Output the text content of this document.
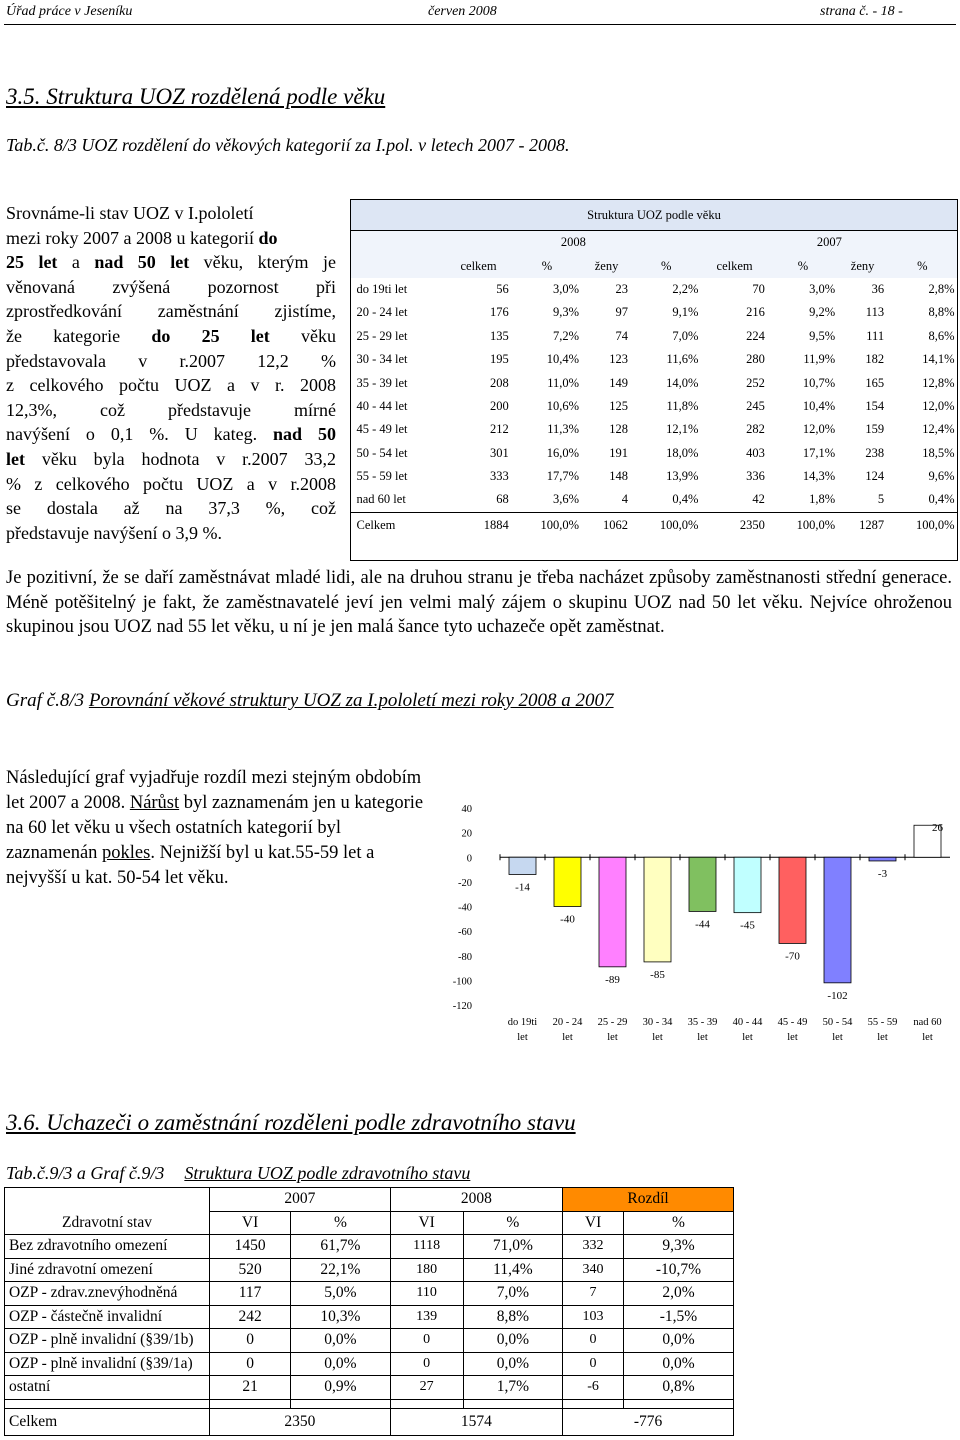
Úřad práce v Jeseníku	červen 2008	strana č. - 18 -
3.5. Struktura UOZ rozdělená podle věku
Tab.č. 8/3 UOZ rozdělení do věkových kategorií za I.pol. v letech 2007 - 2008.
Srovnáme-li stav UOZ v I.pololetí
mezi roky 2007 a 2008 u kategorií do
25 let a nad 50 let věku, kterým je
věnovaná zvýšená pozornost při
zprostředkování zaměstnání zjistíme,
že kategorie do 25 let věku
představovala v r.2007 12,2 %
z celkového počtu UOZ a v r. 2008
12,3%, což představuje mírné
navýšení o 0,1 %. U kateg. nad 50
let věku byla hodnota v r.2007 33,2
% z celkového počtu UOZ a v r.2008
se dostala až na 37,3 %, což
představuje navýšení o 3,9 %.
Struktura UOZ podle věku								
	2008				2007			
	celkem	%	ženy	%	celkem	%	ženy	%
do 19ti let	56	3,0%	23	2,2%	70	3,0%	36	2,8%
20 - 24 let	176	9,3%	97	9,1%	216	9,2%	113	8,8%
25 - 29 let	135	7,2%	74	7,0%	224	9,5%	111	8,6%
30 - 34 let	195	10,4%	123	11,6%	280	11,9%	182	14,1%
35 - 39 let	208	11,0%	149	14,0%	252	10,7%	165	12,8%
40 - 44 let	200	10,6%	125	11,8%	245	10,4%	154	12,0%
45 - 49 let	212	11,3%	128	12,1%	282	12,0%	159	12,4%
50 - 54 let	301	16,0%	191	18,0%	403	17,1%	238	18,5%
55 - 59 let	333	17,7%	148	13,9%	336	14,3%	124	9,6%
nad 60 let	68	3,6%	4	0,4%	42	1,8%	5	0,4%
Celkem	1884	100,0%	1062	100,0%	2350	100,0%	1287	100,0%
Je pozitivní, že se daří zaměstnávat mladé lidi, ale na druhou stranu je třeba nacházet způsoby zaměstnanosti střední generace. Méně potěšitelný je fakt, že zaměstnavatelé jeví jen velmi malý zájem o skupinu UOZ nad 50 let věku. Nejvíce ohroženou skupinou jsou UOZ nad 55 let věku, u ní je jen malá šance tyto uchazeče opět zaměstnat.
Graf č.8/3 Porovnání věkové struktury UOZ za I.pololetí mezi roky 2008 a 2007
Následující graf vyjadřuje rozdíl mezi stejným obdobím let 2007 a 2008. Nárůst byl zaznamenám jen u kategorie na 60 let věku u všech ostatních kategorií byl zaznamenán pokles. Nejnižší byl u kat.55-59 let a nejvyšší u kat. 50-54 let věku.
40
20
0
-20
-40
-60
-80
-100
-120
-14
do 19ti let
-40
20 - 24 let
-89
25 - 29 let
-85
30 - 34 let
-44
35 - 39 let
-45
40 - 44 let
-70
45 - 49 let
-102
50 - 54 let
-3
55 - 59 let
26
nad 60 let
3.6. Uchazeči o zaměstnání rozděleni podle zdravotního stavu
Tab.č.9/3 a Graf č.9/3 Struktura UOZ podle zdravotního stavu
	2007		2008		Rozdíl	
Zdravotní stav	VI	%	VI	%	VI	%
Bez zdravotního omezení	1450	61,7%	1118	71,0%	332	9,3%
Jiné zdravotní omezení	520	22,1%	180	11,4%	340	-10,7%
OZP - zdrav.znevýhodněná	117	5,0%	110	7,0%	7	2,0%
OZP - částečně invalidní	242	10,3%	139	8,8%	103	-1,5%
OZP - plně invalidní (§39/1b)	0	0,0%	0	0,0%	0	0,0%
OZP - plně invalidní (§39/1a)	0	0,0%	0	0,0%	0	0,0%
ostatní	21	0,9%	27	1,7%	-6	0,8%

Celkem	2350		1574		-776	
